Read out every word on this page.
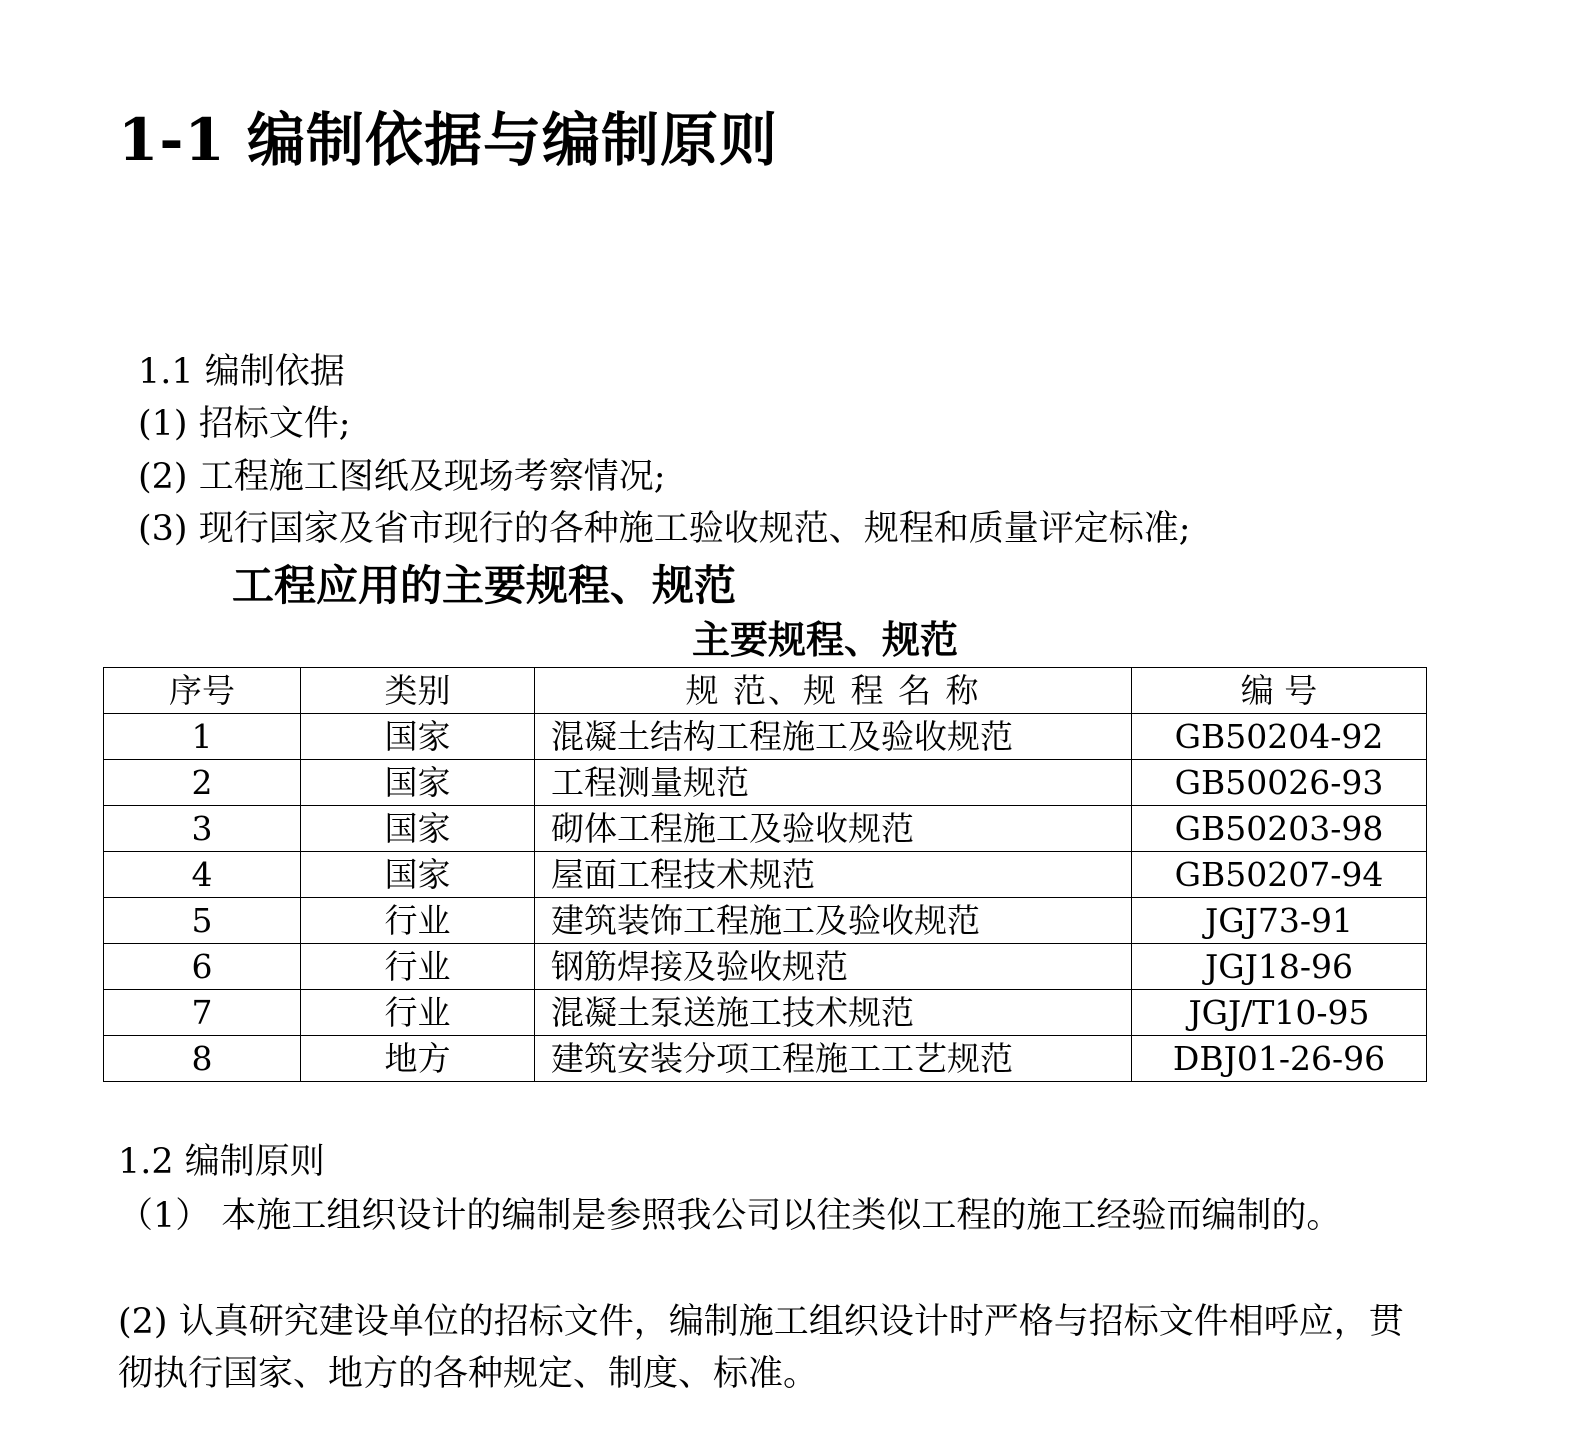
1-1 编制依据与编制原则
1.1 编制依据
(1) 招标文件;
(2) 工程施工图纸及现场考察情况;
(3) 现行国家及省市现行的各种施工验收规范、规程和质量评定标准;
工程应用的主要规程、规范
主要规程、规范
序号	类别	规 范、规 程 名 称	编 号
1	国家	混凝土结构工程施工及验收规范	GB50204-92
2	国家	工程测量规范	GB50026-93
3	国家	砌体工程施工及验收规范	GB50203-98
4	国家	屋面工程技术规范	GB50207-94
5	行业	建筑装饰工程施工及验收规范	JGJ73-91
6	行业	钢筋焊接及验收规范	JGJ18-96
7	行业	混凝土泵送施工技术规范	JGJ/T10-95
8	地方	建筑安装分项工程施工工艺规范	DBJ01-26-96
1.2 编制原则
（1） 本施工组织设计的编制是参照我公司以往类似工程的施工经验而编制的。
(2) 认真研究建设单位的招标文件，编制施工组织设计时严格与招标文件相呼应，贯彻执行国家、地方的各种规定、制度、标准。
